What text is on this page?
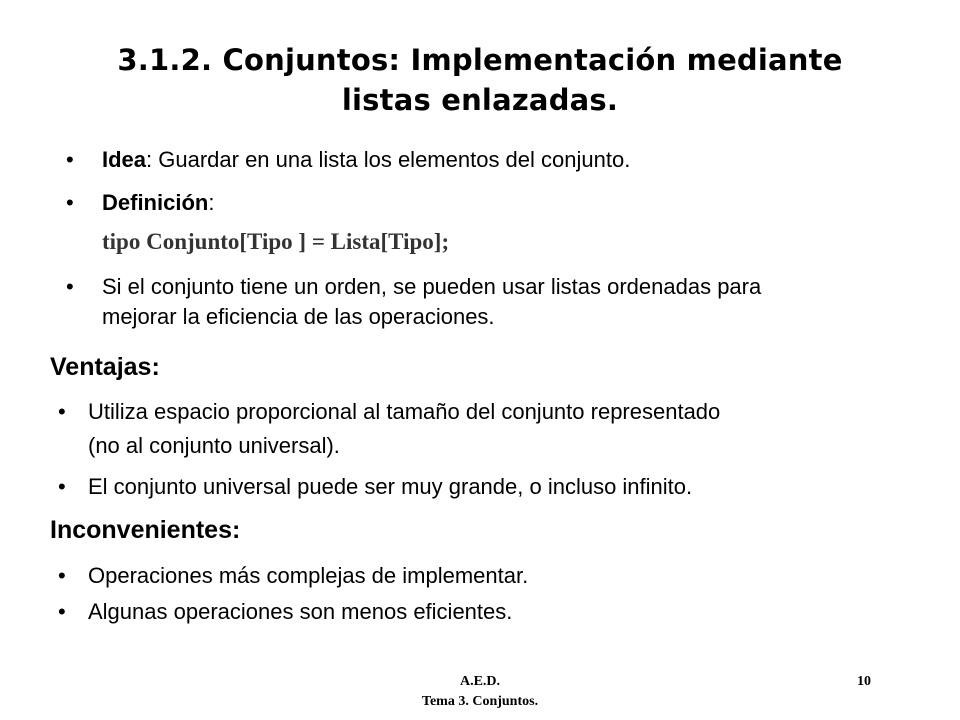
3.1.2. Conjuntos: Implementación mediante
listas enlazadas.
• Idea: Guardar en una lista los elementos del conjunto.
• Definición:
tipo Conjunto[Tipo ] = Lista[Tipo];
• Si el conjunto tiene un orden, se pueden usar listas ordenadas para
mejorar la eficiencia de las operaciones.
Ventajas:
• Utiliza espacio proporcional al tamaño del conjunto representado
(no al conjunto universal).
• El conjunto universal puede ser muy grande, o incluso infinito.
Inconvenientes:
• Operaciones más complejas de implementar.
• Algunas operaciones son menos eficientes.
A.E.D.
Tema 3. Conjuntos.
10
